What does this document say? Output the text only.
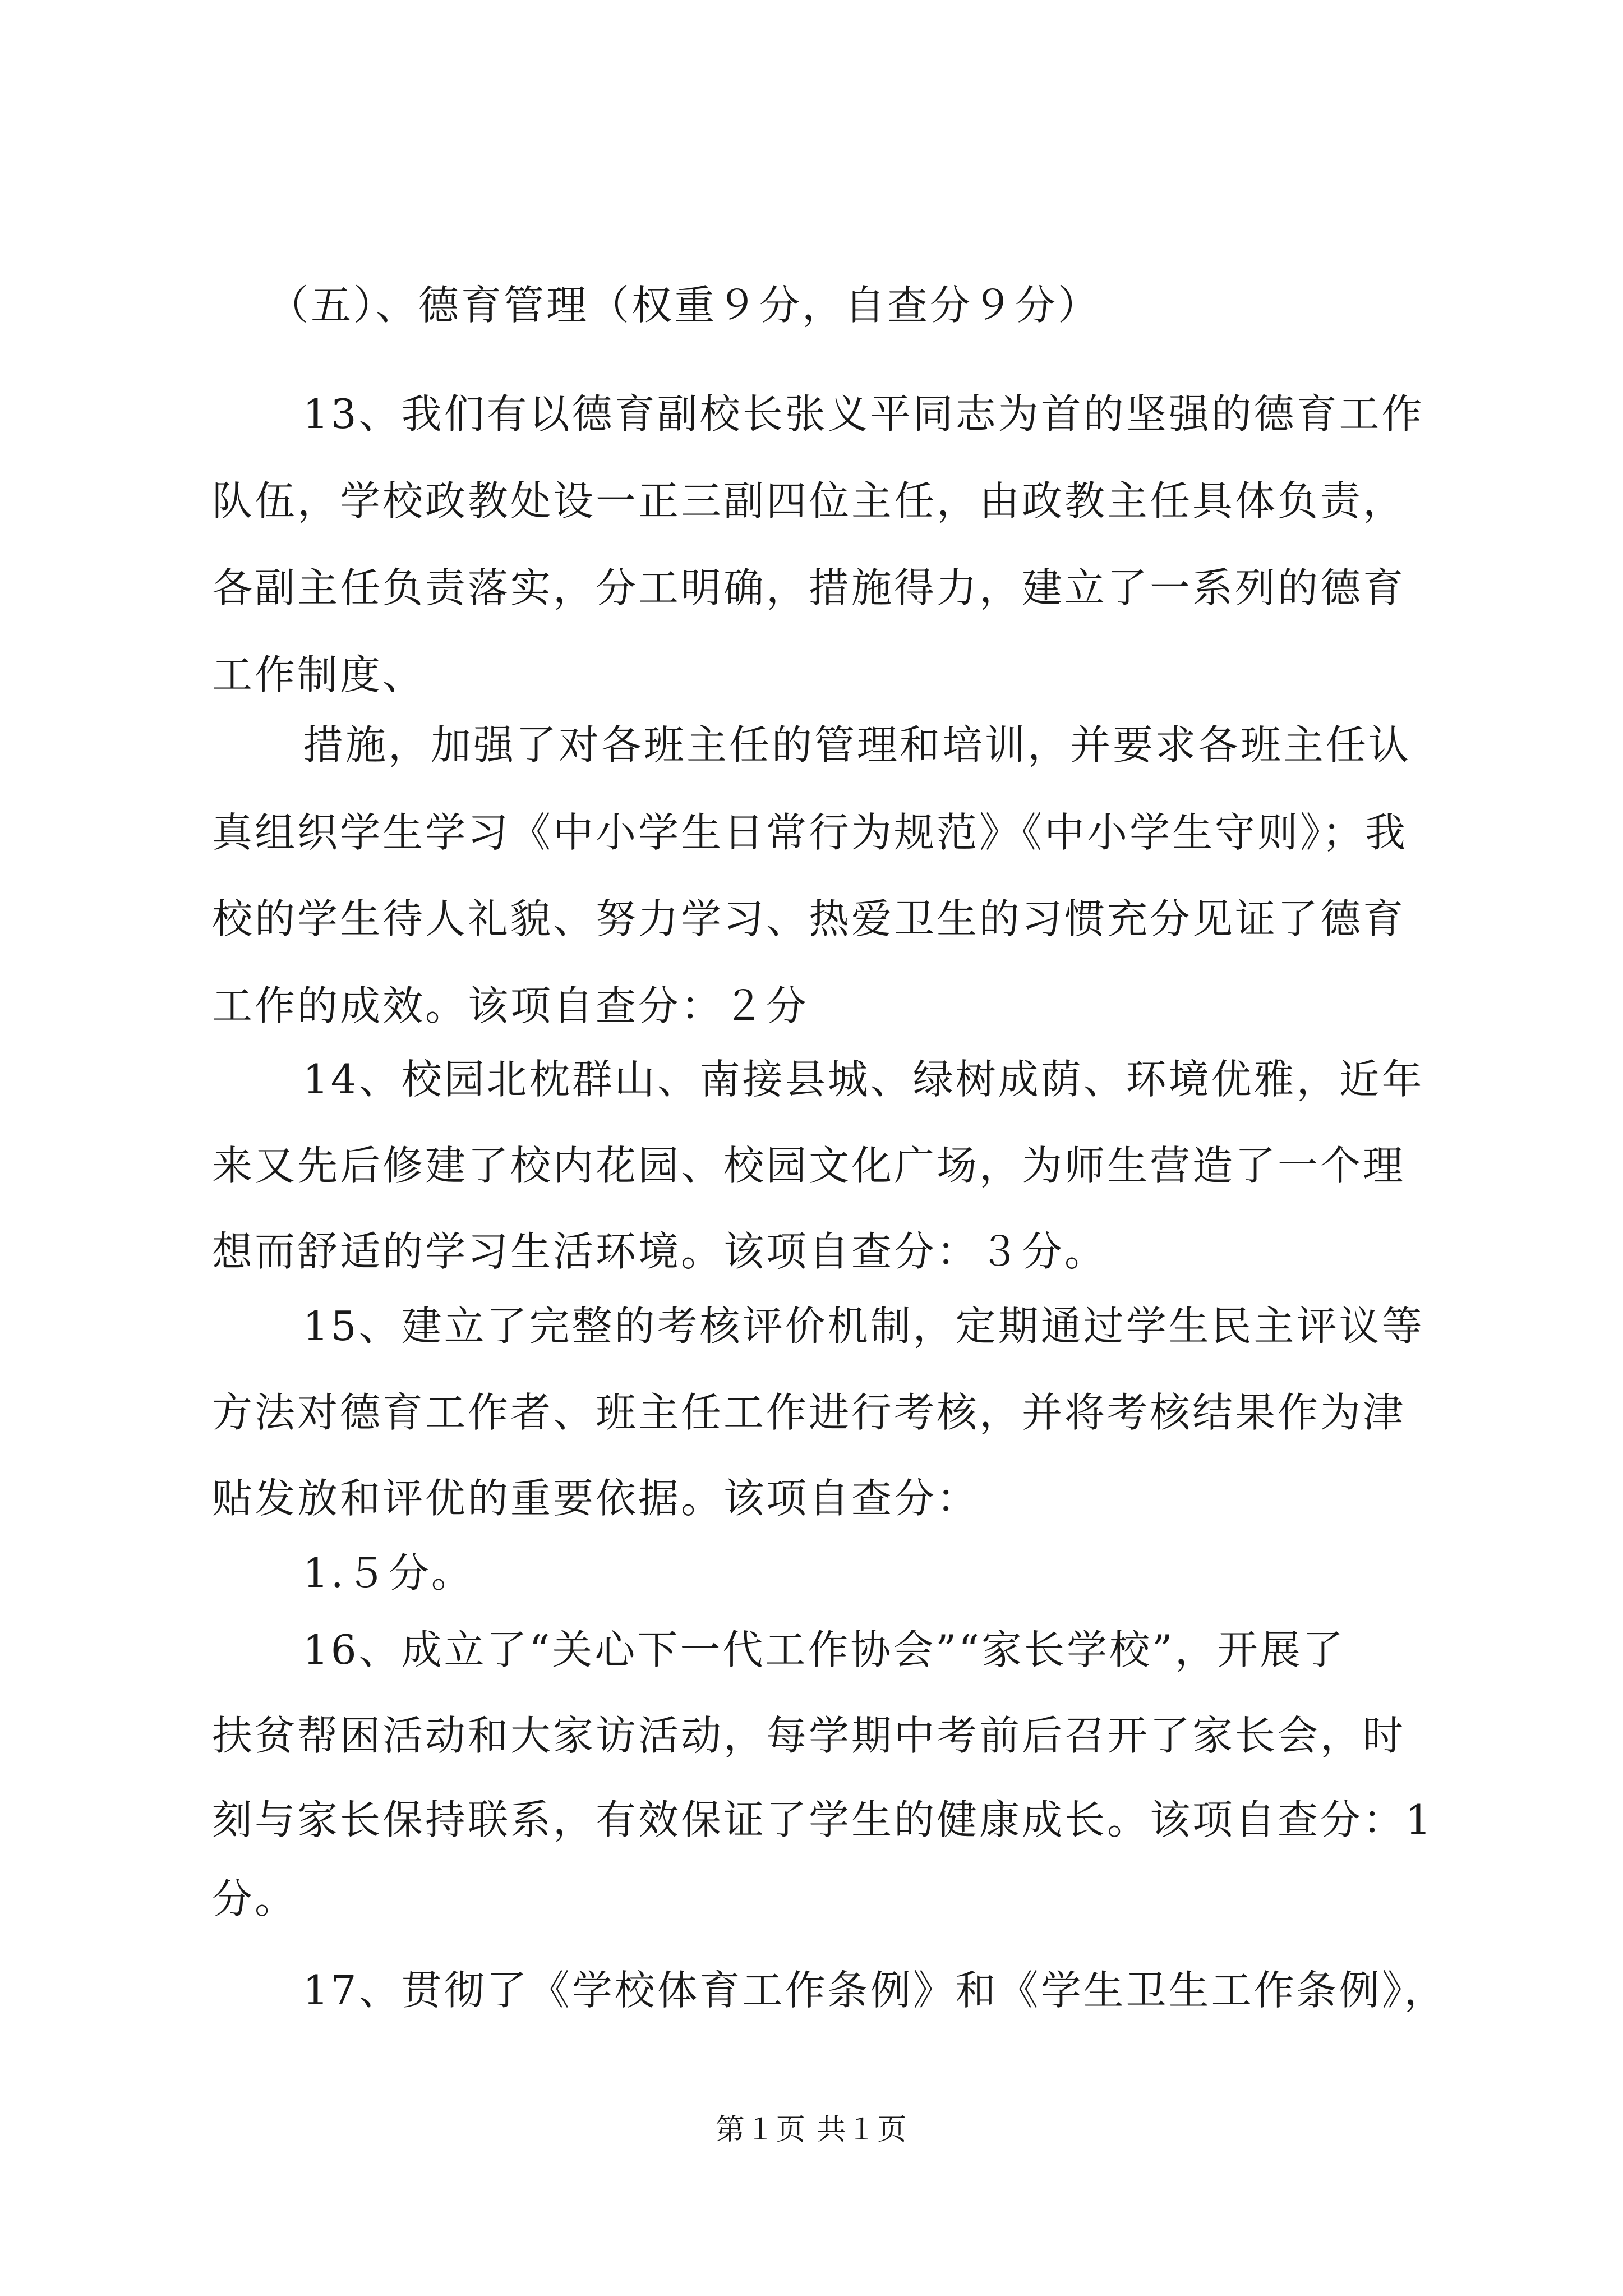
（五）、德育管理（权重９分，自查分９分）
13、我们有以德育副校长张义平同志为首的坚强的德育工作
队伍，学校政教处设一正三副四位主任，由政教主任具体负责，
各副主任负责落实，分工明确，措施得力，建立了一系列的德育
工作制度、
措施，加强了对各班主任的管理和培训，并要求各班主任认
真组织学生学习《中小学生日常行为规范》《中小学生守则》；我
校的学生待人礼貌、努力学习、热爱卫生的习惯充分见证了德育
工作的成效。该项自查分：２分
14、校园北枕群山、南接县城、绿树成荫、环境优雅，近年
来又先后修建了校内花园、校园文化广场，为师生营造了一个理
想而舒适的学习生活环境。该项自查分：３分。
15、建立了完整的考核评价机制，定期通过学生民主评议等
方法对德育工作者、班主任工作进行考核，并将考核结果作为津
贴发放和评优的重要依据。该项自查分：
1.５分。
16、成立了“关心下一代工作协会”“家长学校”，开展了
扶贫帮困活动和大家访活动，每学期中考前后召开了家长会，时
刻与家长保持联系，有效保证了学生的健康成长。该项自查分：1
分。
17、贯彻了《学校体育工作条例》和《学生卫生工作条例》，
第１页 共１页
